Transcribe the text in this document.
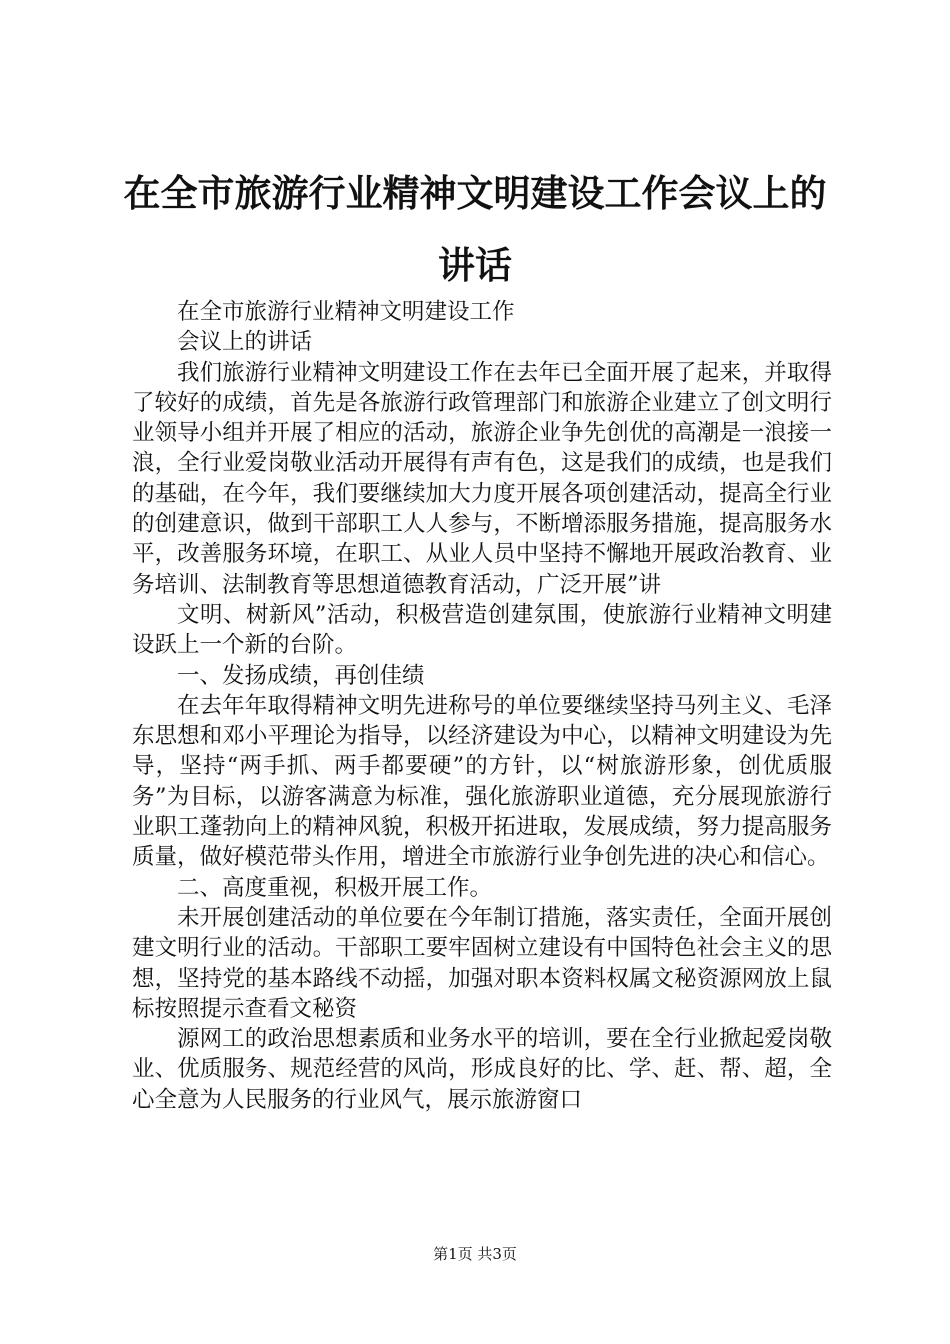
在全市旅游行业精神文明建设工作会议上的讲话

在全市旅游行业精神文明建设工作

会议上的讲话

我们旅游行业精神文明建设工作在去年已全面开展了起来，并取得了较好的成绩，首先是各旅游行政管理部门和旅游企业建立了创文明行业领导小组并开展了相应的活动，旅游企业争先创优的高潮是一浪接一浪，全行业爱岗敬业活动开展得有声有色，这是我们的成绩，也是我们的基础，在今年，我们要继续加大力度开展各项创建活动，提高全行业的创建意识，做到干部职工人人参与，不断增添服务措施，提高服务水平，改善服务环境，在职工、从业人员中坚持不懈地开展政治教育、业务培训、法制教育等思想道德教育活动，广泛开展”讲

文明、树新风”活动，积极营造创建氛围，使旅游行业精神文明建设跃上一个新的台阶。

一、发扬成绩，再创佳绩

在去年年取得精神文明先进称号的单位要继续坚持马列主义、毛泽东思想和邓小平理论为指导，以经济建设为中心，以精神文明建设为先导，坚持“两手抓、两手都要硬”的方针，以“树旅游形象，创优质服务”为目标，以游客满意为标准，强化旅游职业道德，充分展现旅游行业职工蓬勃向上的精神风貌，积极开拓进取，发展成绩，努力提高服务质量，做好模范带头作用，增进全市旅游行业争创先进的决心和信心。

二、高度重视，积极开展工作。

未开展创建活动的单位要在今年制订措施，落实责任，全面开展创建文明行业的活动。干部职工要牢固树立建设有中国特色社会主义的思想，坚持党的基本路线不动摇，加强对职本资料权属文秘资源网放上鼠标按照提示查看文秘资

源网工的政治思想素质和业务水平的培训，要在全行业掀起爱岗敬业、优质服务、规范经营的风尚，形成良好的比、学、赶、帮、超，全心全意为人民服务的行业风气，展示旅游窗口

第1页 共3页
